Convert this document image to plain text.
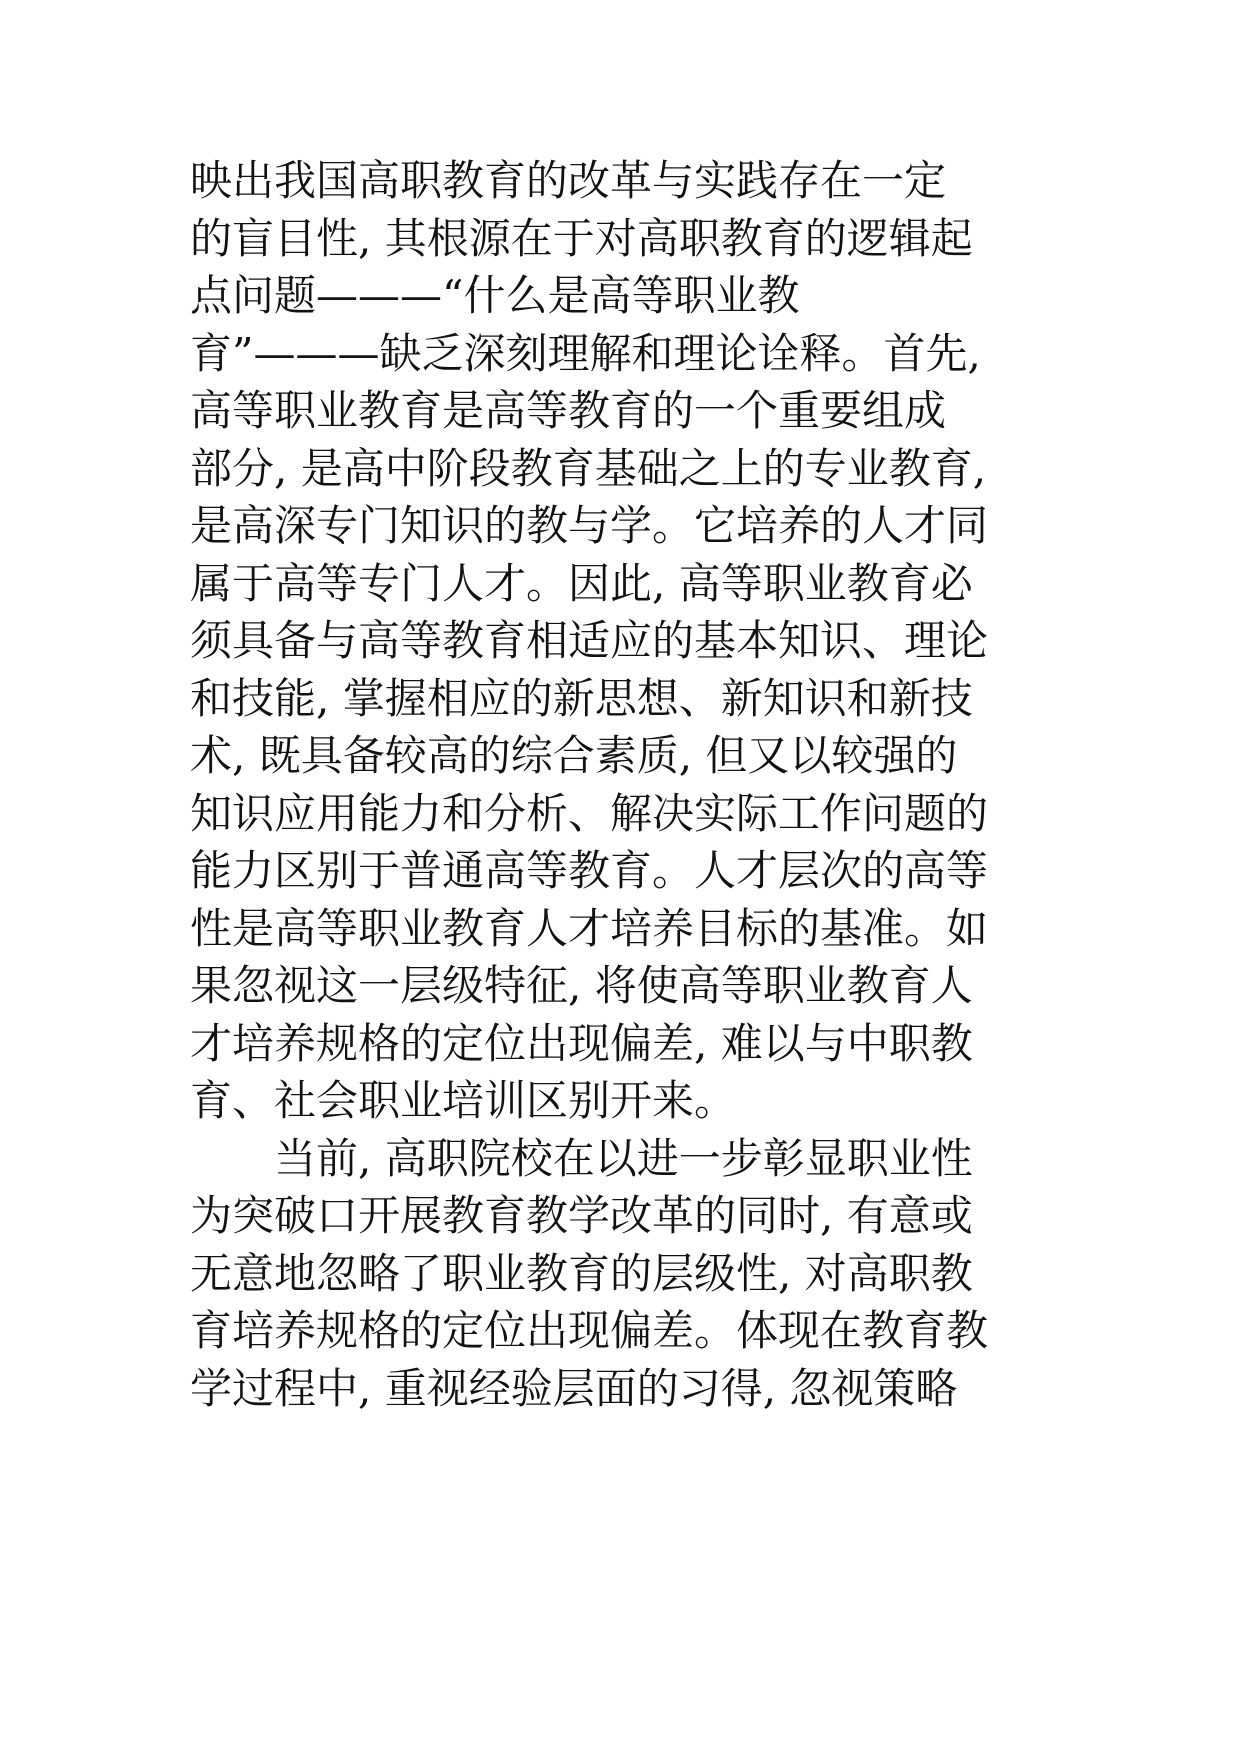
映出我国高职教育的改革与实践存在一定
的盲目性, 其根源在于对高职教育的逻辑起
点问题———“什么是高等职业教
育”———缺乏深刻理解和理论诠释。首先,
高等职业教育是高等教育的一个重要组成
部分, 是高中阶段教育基础之上的专业教育,
是高深专门知识的教与学。它培养的人才同
属于高等专门人才。因此, 高等职业教育必
须具备与高等教育相适应的基本知识、理论
和技能, 掌握相应的新思想、新知识和新技
术, 既具备较高的综合素质, 但又以较强的
知识应用能力和分析、解决实际工作问题的
能力区别于普通高等教育。人才层次的高等
性是高等职业教育人才培养目标的基准。如
果忽视这一层级特征, 将使高等职业教育人
才培养规格的定位出现偏差, 难以与中职教
育、社会职业培训区别开来。
　　当前, 高职院校在以进一步彰显职业性
为突破口开展教育教学改革的同时, 有意或
无意地忽略了职业教育的层级性, 对高职教
育培养规格的定位出现偏差。体现在教育教
学过程中, 重视经验层面的习得, 忽视策略
